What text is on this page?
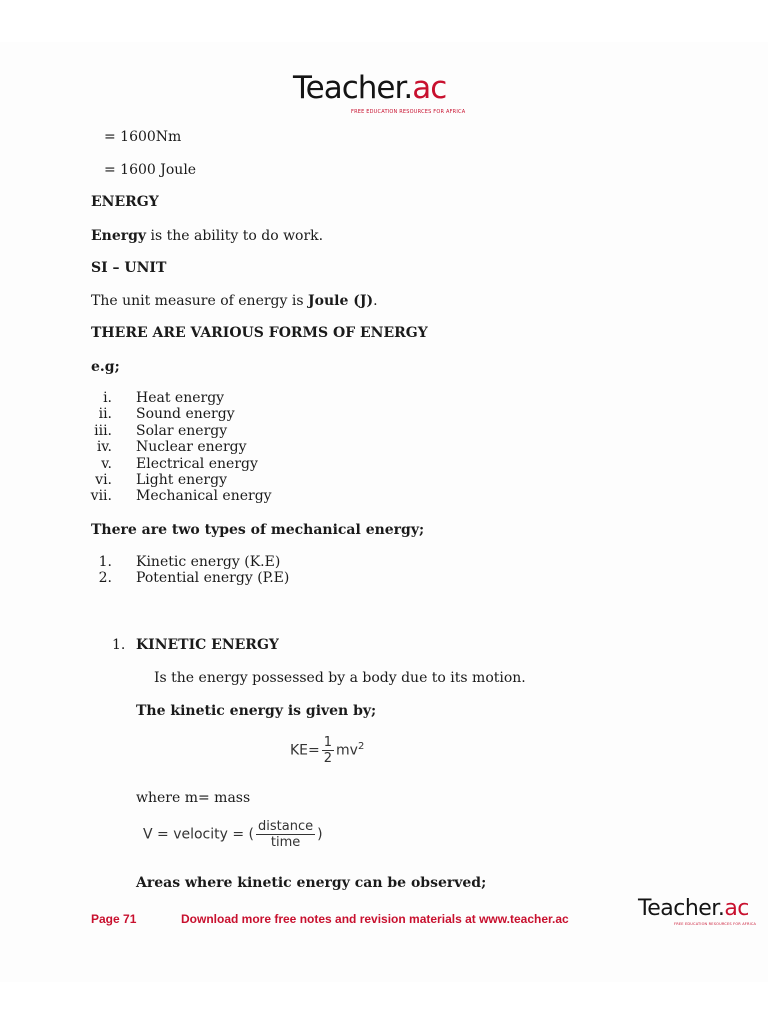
Teacher.ac
FREE EDUCATION RESOURCES FOR AFRICA
= 1600Nm
= 1600 Joule
ENERGY
Energy is the ability to do work.
SI – UNIT
The unit measure of energy is Joule (J).
THERE ARE VARIOUS FORMS OF ENERGY
e.g;
i. Heat energy
ii. Sound energy
iii. Solar energy
iv. Nuclear energy
v. Electrical energy
vi. Light energy
vii. Mechanical energy
There are two types of mechanical energy;
1. Kinetic energy (K.E)
2. Potential energy (P.E)
1. KINETIC ENERGY
Is the energy possessed by a body due to its motion.
The kinetic energy is given by;
$KE= \frac{1}{2} mv^2$
where m= mass
V = velocity = ( $\frac{\text{distance}}{\text{time}}$ )
Areas where kinetic energy can be observed;
Page 71	Download more free notes and revision materials at www.teacher.ac	Teacher.ac
FREE EDUCATION RESOURCES FOR AFRICA
